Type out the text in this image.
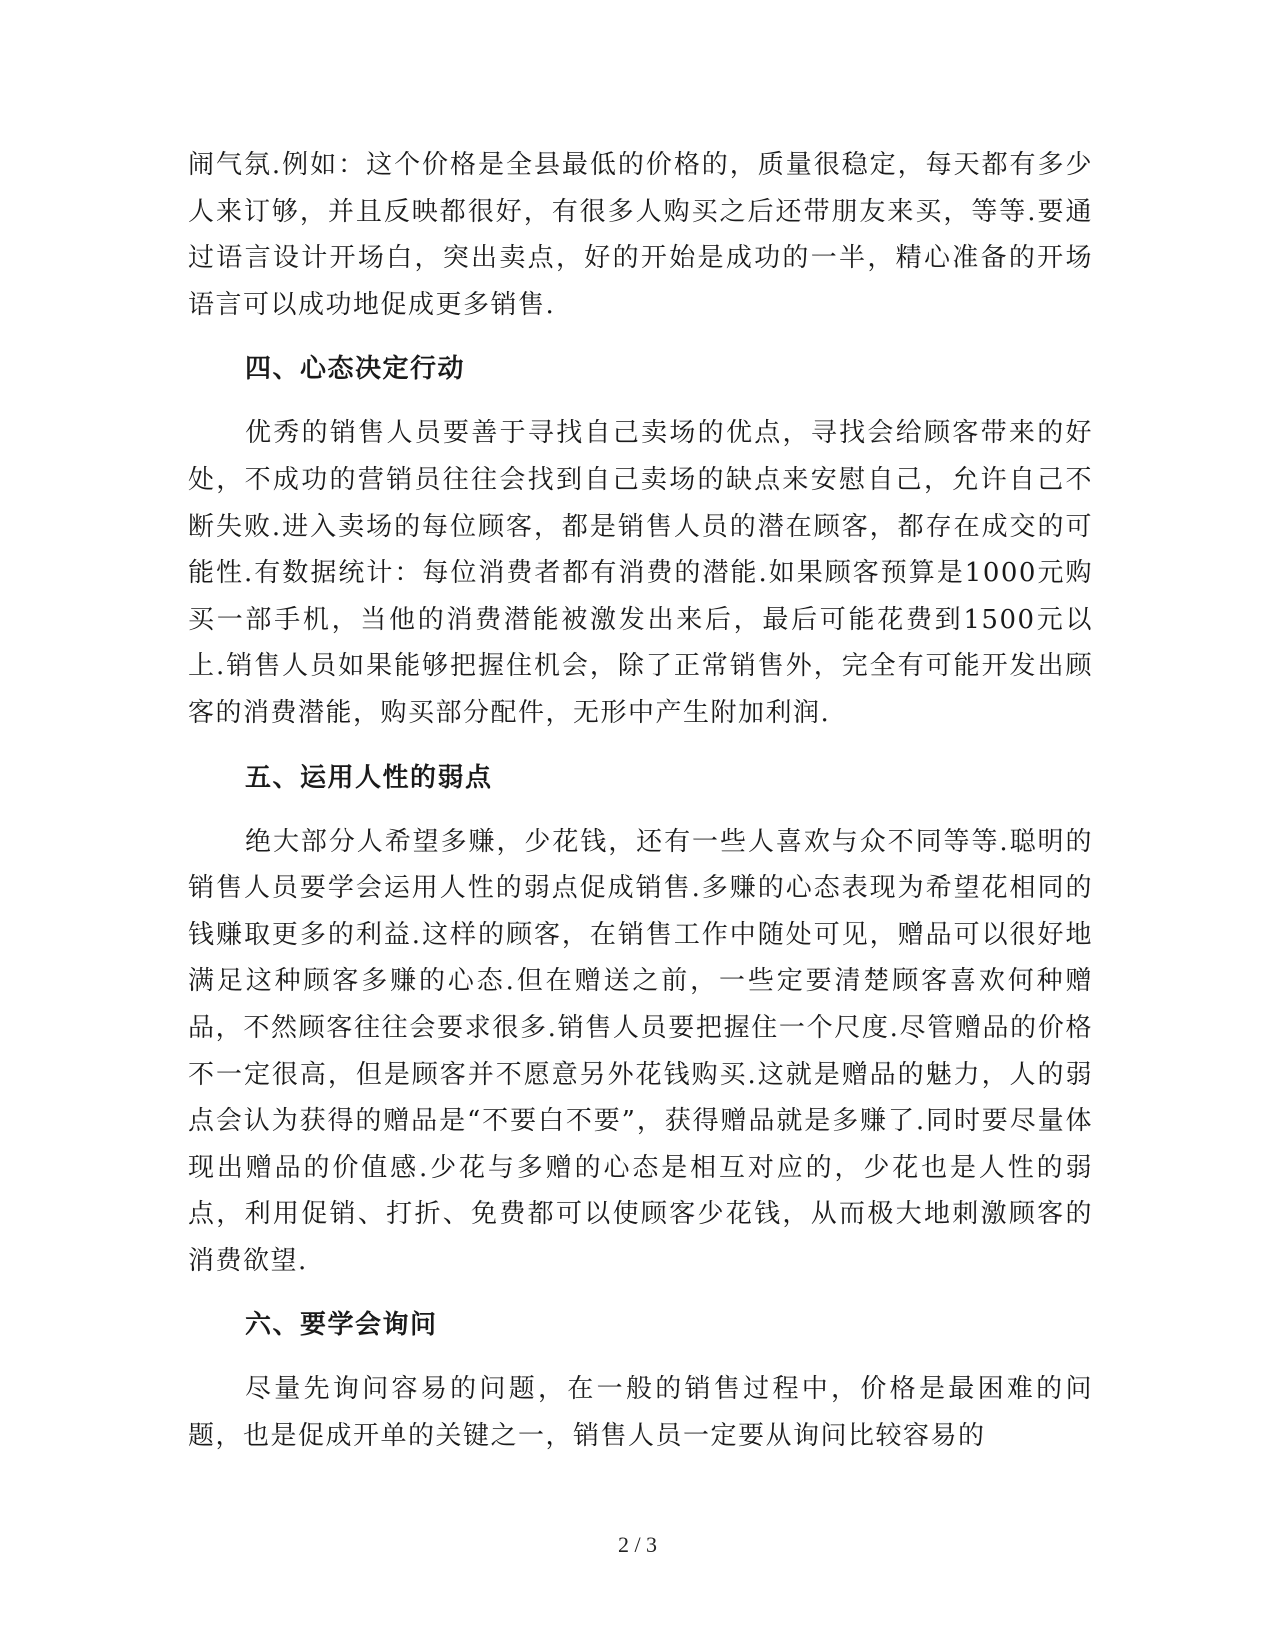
闹气氛.例如：这个价格是全县最低的价格的，质量很稳定，每天都有多少人来订够，并且反映都很好，有很多人购买之后还带朋友来买，等等.要通过语言设计开场白，突出卖点，好的开始是成功的一半，精心准备的开场语言可以成功地促成更多销售.

四、心态决定行动

优秀的销售人员要善于寻找自己卖场的优点，寻找会给顾客带来的好处，不成功的营销员往往会找到自己卖场的缺点来安慰自己，允许自己不断失败.进入卖场的每位顾客，都是销售人员的潜在顾客，都存在成交的可能性.有数据统计：每位消费者都有消费的潜能.如果顾客预算是1000元购买一部手机，当他的消费潜能被激发出来后，最后可能花费到1500元以上.销售人员如果能够把握住机会，除了正常销售外，完全有可能开发出顾客的消费潜能，购买部分配件，无形中产生附加利润.

五、运用人性的弱点

绝大部分人希望多赚，少花钱，还有一些人喜欢与众不同等等.聪明的销售人员要学会运用人性的弱点促成销售.多赚的心态表现为希望花相同的钱赚取更多的利益.这样的顾客，在销售工作中随处可见，赠品可以很好地满足这种顾客多赚的心态.但在赠送之前，一些定要清楚顾客喜欢何种赠品，不然顾客往往会要求很多.销售人员要把握住一个尺度.尽管赠品的价格不一定很高，但是顾客并不愿意另外花钱购买.这就是赠品的魅力，人的弱点会认为获得的赠品是“不要白不要”，获得赠品就是多赚了.同时要尽量体现出赠品的价值感.少花与多赠的心态是相互对应的，少花也是人性的弱点，利用促销、打折、免费都可以使顾客少花钱，从而极大地刺激顾客的消费欲望.

六、要学会询问

尽量先询问容易的问题，在一般的销售过程中，价格是最困难的问题，也是促成开单的关键之一，销售人员一定要从询问比较容易的

2 / 3
